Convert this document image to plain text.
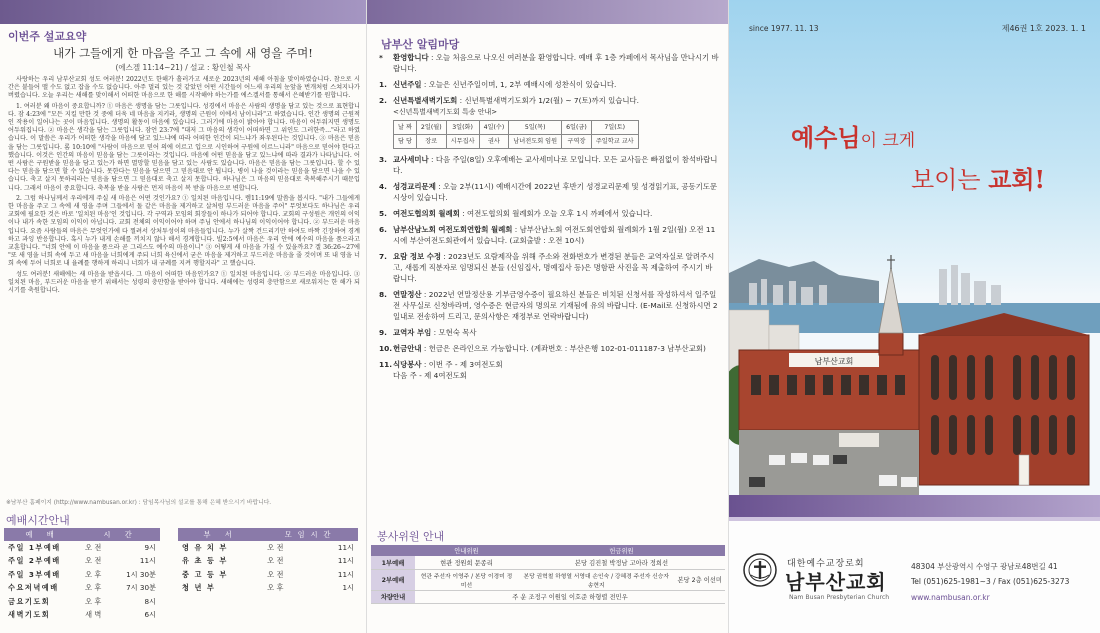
이번주 설교요약
내가 그들에게 한 마음을 주고 그 속에 새 영을 주며!
(에스겔 11:14~21) / 설교 : 황인철 목사

사랑하는 우리 남부산교회 성도 여러분! 2022년도 한해가 흘러가고 새로운 2023년의 새해 아침을 맞이하였습니다. 참으로 시간은 붙들어 맬 수도 없고 잡을 수도 없습니다. 아주 멀리 있는 것 같았던 어떤 시간들이 어느새 우리의 눈앞을 번개처럼 스쳐지나가 버렸습니다. 오늘 우리는 새해를 맞이해서 어떠한 마음으로 한 해를 시작해야 하는가를 에스겔서를 통해서 은혜받기를 원합니다.

1. 여러분 왜 마음이 중요합니까? ① 마음은 생명을 담는 그릇입니다. 성경에서 마음은 사람의 생명을 담고 있는 것으로 표현합니다. 잠 4:23에 "모든 지킬 만한 것 중에 더욱 네 마음을 지키라, 생명의 근원이 이에서 남이니라"고 하였습니다. 인간 생명의 근원적인 작용이 일어나는 곳이 마음입니다. 생명의 활동이 마음에 있습니다. 그러기에 마음이 밝아야 합니다. 마음이 어두워지면 생명도 어두워집니다. ② 마음은 생각을 담는 그릇입니다. 잠언 23:7에 "대저 그 마음의 생각이 어떠하면 그 위인도 그러한즉..."라고 하였습니다. 이 말씀은 우리가 어떠한 생각을 마음에 담고 있느냐에 따라 어떠한 인간이 되느냐가 좌우된다는 것입니다. ③ 마음은 믿음을 담는 그릇입니다. 롬 10:10에 "사람이 마음으로 믿어 의에 이르고 입으로 시인하여 구원에 이르느니라" 마음으로 믿어야 한다고 했습니다. 이것은 인간의 마음이 믿음을 담는 그릇이라는 것입니다. 마음에 어떤 믿음을 담고 있느냐에 따라 결과가 나타납니다. 어떤 사람은 구원받을 믿음을 담고 있는가 하면 멸망할 믿음을 담고 있는 사람도 있습니다. 마음은 믿음을 담는 그릇입니다. 할 수 있다는 믿음을 담으면 할 수 있습니다. 못한다는 믿음을 담으면 그 믿음대로 안 됩니다. 병이 나을 것이라는 믿음을 담으면 나을 수 있습니다. 축고 살지 못하리라는 믿음을 담으면 그 믿음대로 축고 살지 못합니다. 하나님은 그 마음의 믿음대로 축복해주시기 때문입니다. 그래서 마음이 중요합니다. 축복을 받을 사람은 먼저 마음이 복 받을 마음으로 변합니다.

2. 그럼 하나님께서 우리에게 주실 새 마음은 어떤 것인가요? ① 일치된 마음입니다. 렘11:19에 말씀을 봅시다. "내가 그들에게 한 마음을 주고 그 속에 새 영을 주며 그들에서 돌 같은 마음을 제거하고 살처럼 부드러운 마음을 주어" 무엇보다도 하나님은 우리 교회에 필요한 것은 바로 '일치된 마음'인 것입니다. 각 구역과 모임의 회장들이 하나가 되어야 합니다. 교회의 구성원은 개인의 이익이나 내가 속한 모임의 이익이 아닙니다. 교회 전체의 이익이어야 하며 주님 안에서 하나님의 이익이어야 합니다. ② 부드러운 마음입니다. 요즘 사람들의 마음은 무엇인가에 다 찔려서 상처투성이의 마음들입니다. 누가 살짝 건드리기만 하여도 바짝 긴장하여 경계하고 과잉 반응합니다. 혹시 누가 내게 손해를 끼치지 않나 해서 경계합니다. 빌2:5에서 마음은 우리 안에 예수의 마음을 품으라고 교훈합니다. "너희 안에 이 마음을 품으라 곧 그리스도 예수의 마음이니" ③ 어떻게 새 마음을 가질 수 있을까요? 겔 36:26~27에 "또 새 영을 너희 속에 두고 새 마음을 너희에게 주되 너희 육신에서 굳은 마음을 제거하고 부드러운 마음을 줄 것이며 또 내 영을 너희 속에 두어 너희로 내 율례를 행하게 하리니 너희가 내 규례를 지켜 행할지라" 고 했습니다.

성도 여러분! 새해에는 새 마음을 받읍시다. 그 마음이 어떠한 마음인가요? ① 일치된 마음입니다. ② 부드러운 마음입니다. ③ 일치된 마음, 부드러운 마음을 받기 위해서는 성령의 충만함을 받아야 합니다. 새해에는 성령의 충만함으로 새로워지는 한 해가 되시기를 축원합니다.

※남부산 홈페이지 (http://www.nambusan.or.kr) : 담임목사님의 설교를 통해 은혜 받으시기 바랍니다.
예배시간안내
예 배	시 간	
주일 1부예배	오 전	9시
주일 2부예배	오 전	11시
주일 3부예배	오 후	1시 30분
수요저녁예배	오 후	7시 30분
금요기도회	오 후	8시
새벽기도회	새 벽	6시
부 서	모임시간	
영 유 치 부	오 전	11시
유 초 등 부	오 전	11시
중 고 등 부	오 전	11시
청 년 부	오 후	1시
남부산 알림마당
*	환영합니다 : 오늘 처음으로 나오신 여러분을 환영합니다. 예배 후 1층 카페에서 목사님을 만나시기 바랍니다.
1. 신년주일 : 오늘은 신년주일이며, 1, 2부 예배시에 성찬식이 있습니다.
2. 신년특별새벽기도회 : 신년특별새벽기도회가 1/2(월) ~ 7(토)까지 있습니다.
<신년특별새벽기도회 특송 안내>
날 짜	2일(월)	3일(화)	4일(수)	5일(목)	6일(금)	7일(토)
담 당	장로	시무집사	권사	남녀전도회 임원	구역장	주일학교 교사
3. 교사세미나 : 다음 주일(8일) 오후예배는 교사세미나로 모입니다. 모든 교사들은 빠짐없이 참석바랍니다.
4. 성경교리문제 : 오늘 2부(11시) 예배시간에 2022년 후반기 성경교리문제 및 성경읽기표, 공동기도문 시상이 있습니다.
5. 여전도협의회 월례회 : 여전도협의회 월례회가 오늘 오후 1시 까페에서 있습니다.
6. 남부산남노회 여전도회연합회 월례회 : 남부산남노회 여전도회연합회 월례회가 1월 2일(월) 오전 11시에 부산여전도회관에서 있습니다. (교회출발 : 오전 10시)
7. 요람 정보 수정 : 2023년도 요람제작을 위해 주소와 전화번호가 변경된 분들은 교역자실로 알려주시고, 새롭게 직분자로 임명되신 분들 (신임집사, 명예집사 등)은 명함판 사진을 꼭 제출하여 주시기 바랍니다.
8. 연말정산 : 2022년 연말정산용 기부금영수증이 필요하신 분들은 비치된 신청서를 작성하셔서 일주일전 사무실로 신청바라며, 영수증은 현금자의 명의로 기재됨에 유의 바랍니다. (E-Mail로 신청하시면 2일내로 전송하여 드리고, 문의사항은 재정부로 연락바랍니다)
9. 교역자 부임 : 모현숙 목사
10. 헌금안내 : 헌금은 온라인으로 가능합니다. (계좌번호 : 부산은행 102-01-011187-3 남부산교회)
11. 식당봉사 : 이번 주 - 제 3여전도회
다음 주 - 제 4여전도회
봉사위원 안내
	안내위원	헌금위원	
1부예배	현관 정원희 문종리	본당 김진철 박정남 고아라 정희선	
2부예배	현관 주선자 이영주 / 본당 이경미 정미선	본당 권혁철 하형열 서영대 손인숙 / 강혜경 주선자 신승자 송현지	본당 2층 이선미
차량안내	주 운 조정구 이원일 이호준 하형렬 전민우		
since 1977. 11. 13	제46권 1호 2023. 1. 1
예수님이 크게
보이는 교회!
남부산교회
대한예수교장로회
남부산교회
Nam Busan Presbyterian Church
48304 부산광역시 수영구 광남로48번길 41
Tel (051)625-1981~3 / Fax (051)625-3273
www.nambusan.or.kr
